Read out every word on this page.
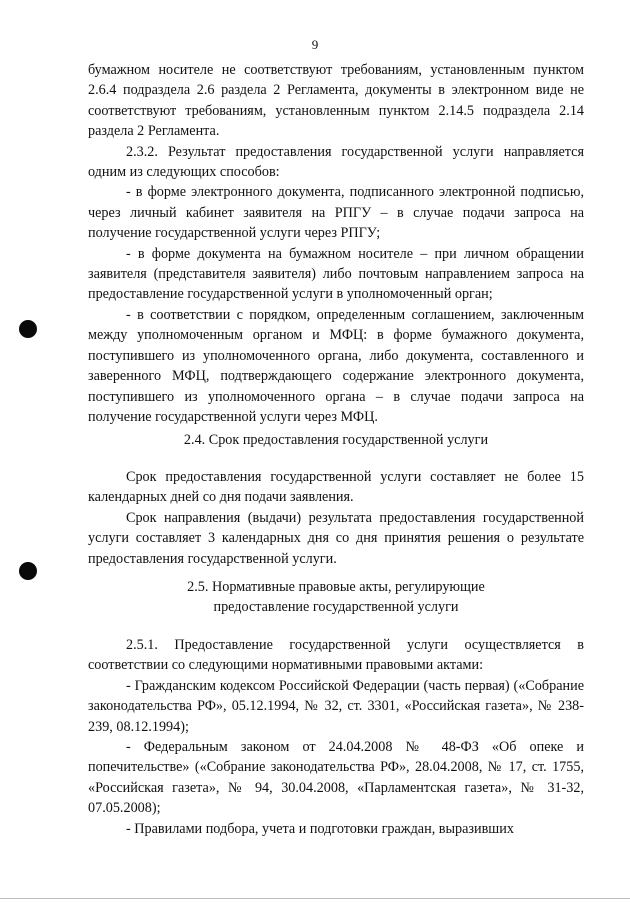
9

бумажном носителе не соответствуют требованиям, установленным пунктом 2.6.4 подраздела 2.6 раздела 2 Регламента, документы в электронном виде не соответствуют требованиям, установленным пунктом 2.14.5 подраздела 2.14 раздела 2 Регламента.

2.3.2. Результат предоставления государственной услуги направляется одним из следующих способов:

- в форме электронного документа, подписанного электронной подписью, через личный кабинет заявителя на РПГУ – в случае подачи запроса на получение государственной услуги через РПГУ;

- в форме документа на бумажном носителе – при личном обращении заявителя (представителя заявителя) либо почтовым направлением запроса на предоставление государственной услуги в уполномоченный орган;

- в соответствии с порядком, определенным соглашением, заключенным между уполномоченным органом и МФЦ: в форме бумажного документа, поступившего из уполномоченного органа, либо документа, составленного и заверенного МФЦ, подтверждающего содержание электронного документа, поступившего из уполномоченного органа – в случае подачи запроса на получение государственной услуги через МФЦ.

2.4. Срок предоставления государственной услуги

Срок предоставления государственной услуги составляет не более 15 календарных дней со дня подачи заявления.

Срок направления (выдачи) результата предоставления государственной услуги составляет 3 календарных дня со дня принятия решения о результате предоставления государственной услуги.

2.5. Нормативные правовые акты, регулирующие

предоставление государственной услуги

2.5.1. Предоставление государственной услуги осуществляется в соответствии со следующими нормативными правовыми актами:

- Гражданским кодексом Российской Федерации (часть первая) («Собрание законодательства РФ», 05.12.1994, № 32, ст. 3301, «Российская газета», № 238-239, 08.12.1994);

- Федеральным законом от 24.04.2008 № 48-ФЗ «Об опеке и попечительстве» («Собрание законодательства РФ», 28.04.2008, № 17, ст. 1755, «Российская газета», № 94, 30.04.2008, «Парламентская газета», № 31-32, 07.05.2008);

- Правилами подбора, учета и подготовки граждан, выразивших
